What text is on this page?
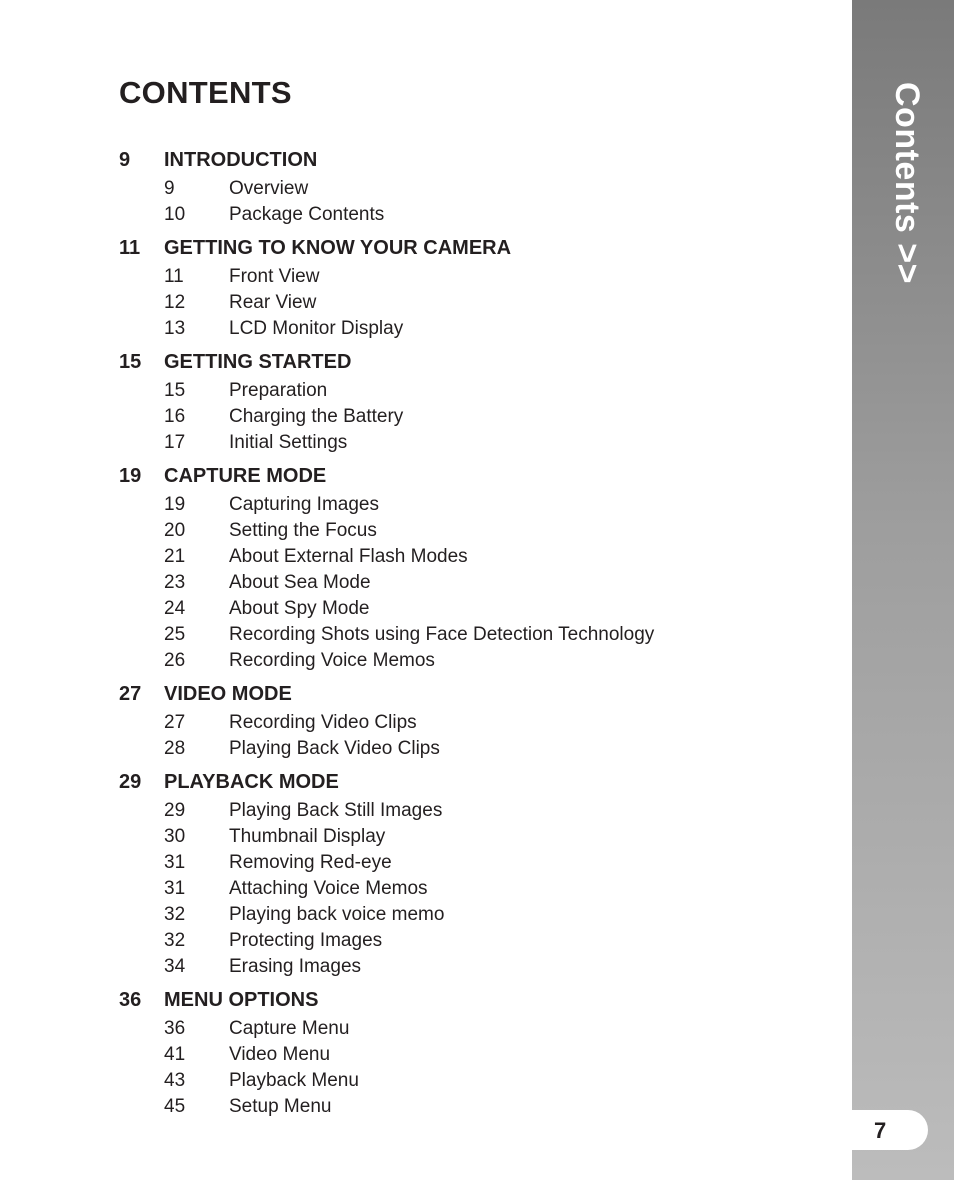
CONTENTS
9 INTRODUCTION
9	Overview
10 Package Contents
11 GETTING TO KNOW YOUR CAMERA
11 Front View
12 Rear View
13 LCD Monitor Display
15 GETTING STARTED
15 Preparation
16 Charging the Battery
17 Initial Settings
19 CAPTURE MODE
19 Capturing Images
20 Setting the Focus
21 About External Flash Modes
23 About Sea Mode
24 About Spy Mode
25 Recording Shots using Face Detection Technology
26 Recording Voice Memos
27 VIDEO MODE
27 Recording Video Clips
28 Playing Back Video Clips
29 PLAYBACK MODE
29 Playing Back Still Images
30 Thumbnail Display
31 Removing Red-eye
31 Attaching Voice Memos
32 Playing back voice memo
32 Protecting Images
34 Erasing Images
36 MENU OPTIONS
36 Capture Menu
41 Video Menu
43 Playback Menu
45 Setup Menu
Contents >>
7
